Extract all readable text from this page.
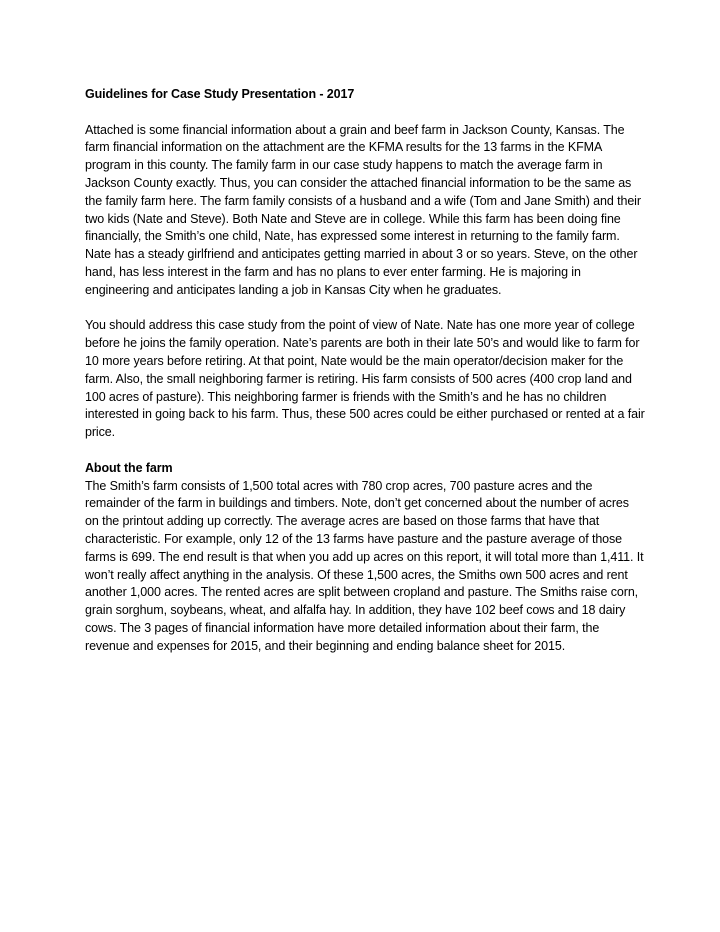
Guidelines for Case Study Presentation - 2017

Attached is some financial information about a grain and beef farm in Jackson County, Kansas. The farm financial information on the attachment are the KFMA results for the 13 farms in the KFMA program in this county. The family farm in our case study happens to match the average farm in Jackson County exactly. Thus, you can consider the attached financial information to be the same as the family farm here. The farm family consists of a husband and a wife (Tom and Jane Smith) and their two kids (Nate and Steve). Both Nate and Steve are in college. While this farm has been doing fine financially, the Smith’s one child, Nate, has expressed some interest in returning to the family farm. Nate has a steady girlfriend and anticipates getting married in about 3 or so years. Steve, on the other hand, has less interest in the farm and has no plans to ever enter farming. He is majoring in engineering and anticipates landing a job in Kansas City when he graduates.

You should address this case study from the point of view of Nate. Nate has one more year of college before he joins the family operation. Nate’s parents are both in their late 50’s and would like to farm for 10 more years before retiring. At that point, Nate would be the main operator/decision maker for the farm. Also, the small neighboring farmer is retiring. His farm consists of 500 acres (400 crop land and 100 acres of pasture). This neighboring farmer is friends with the Smith’s and he has no children interested in going back to his farm. Thus, these 500 acres could be either purchased or rented at a fair price.

About the farm

The Smith’s farm consists of 1,500 total acres with 780 crop acres, 700 pasture acres and the remainder of the farm in buildings and timbers. Note, don’t get concerned about the number of acres on the printout adding up correctly. The average acres are based on those farms that have that characteristic. For example, only 12 of the 13 farms have pasture and the pasture average of those farms is 699. The end result is that when you add up acres on this report, it will total more than 1,411. It won’t really affect anything in the analysis. Of these 1,500 acres, the Smiths own 500 acres and rent another 1,000 acres. The rented acres are split between cropland and pasture. The Smiths raise corn, grain sorghum, soybeans, wheat, and alfalfa hay. In addition, they have 102 beef cows and 18 dairy cows. The 3 pages of financial information have more detailed information about their farm, the revenue and expenses for 2015, and their beginning and ending balance sheet for 2015.
